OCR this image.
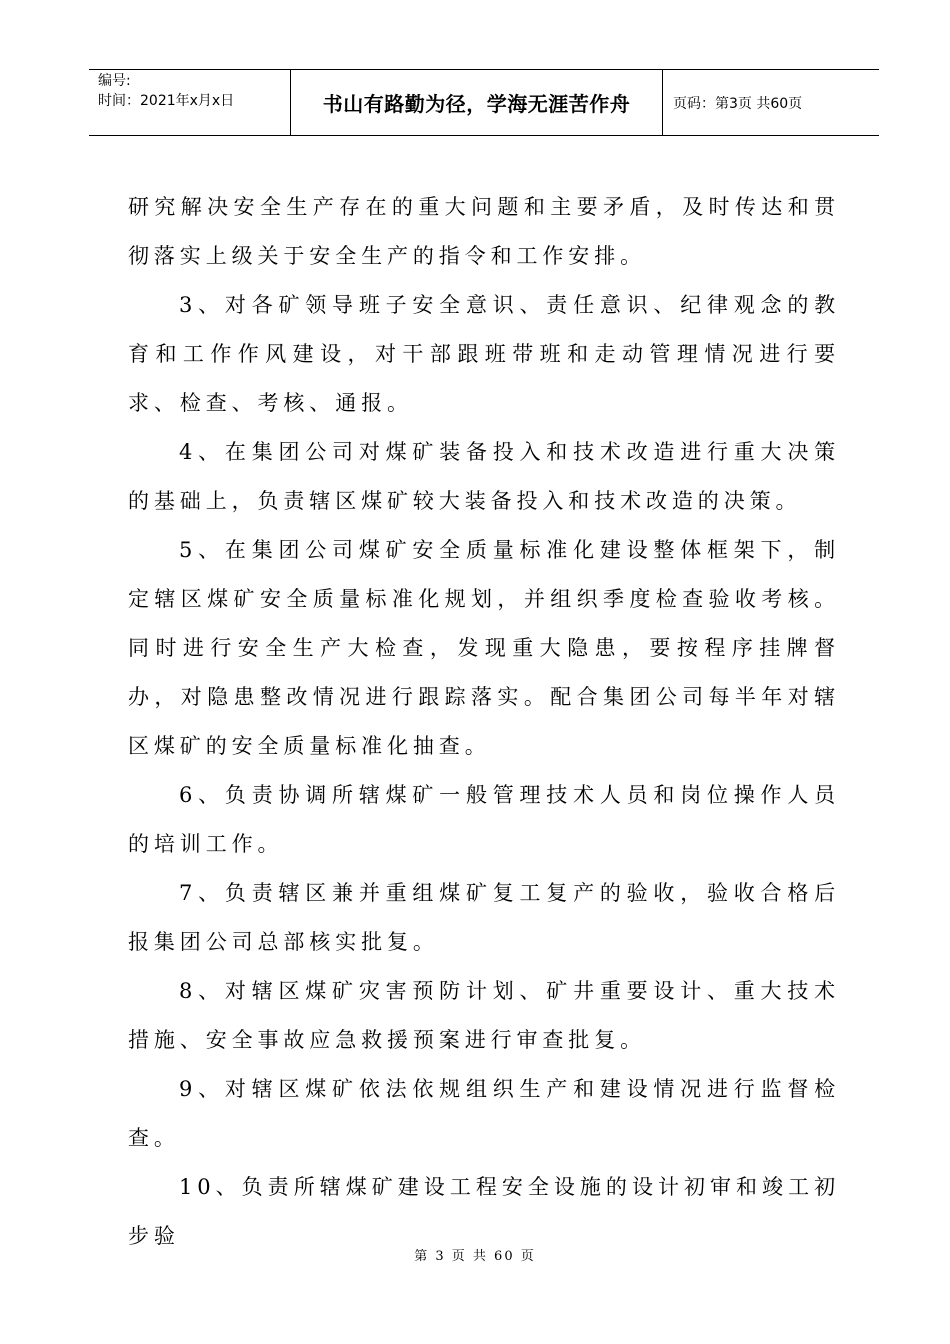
编号:
时间：2021年x月x日	书山有路勤为径，学海无涯苦作舟	页码：第3页 共60页

研究解决安全生产存在的重大问题和主要矛盾，及时传达和贯彻落实上级关于安全生产的指令和工作安排。

3、对各矿领导班子安全意识、责任意识、纪律观念的教育和工作作风建设，对干部跟班带班和走动管理情况进行要求、检查、考核、通报。

4、在集团公司对煤矿装备投入和技术改造进行重大决策的基础上，负责辖区煤矿较大装备投入和技术改造的决策。

5、在集团公司煤矿安全质量标准化建设整体框架下，制定辖区煤矿安全质量标准化规划，并组织季度检查验收考核。同时进行安全生产大检查，发现重大隐患，要按程序挂牌督办，对隐患整改情况进行跟踪落实。配合集团公司每半年对辖区煤矿的安全质量标准化抽查。

6、负责协调所辖煤矿一般管理技术人员和岗位操作人员的培训工作。

7、负责辖区兼并重组煤矿复工复产的验收，验收合格后报集团公司总部核实批复。

8、对辖区煤矿灾害预防计划、矿井重要设计、重大技术措施、安全事故应急救援预案进行审查批复。

9、对辖区煤矿依法依规组织生产和建设情况进行监督检查。

10、负责所辖煤矿建设工程安全设施的设计初审和竣工初步验

第 3 页 共 60 页
